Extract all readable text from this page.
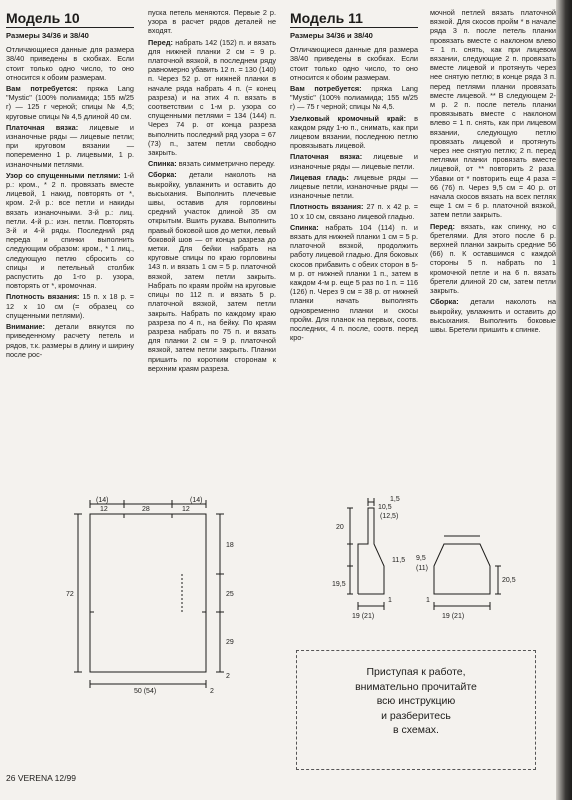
Модель 10
Размеры 34/36 и 38/40

Отличающиеся данные для размера 38/40 приведены в скобках. Если стоит только одно число, то оно относится к обоим размерам.

Вам потребуется: пряжа Lang "Mystic" (100% полиамида; 155 м/25 г) — 125 г черной; спицы № 4,5; круговые спицы № 4,5 длиной 40 см.

Платочная вязка: лицевые и изнаночные ряды — лицевые петли; при круговом вязании — попеременно 1 р. лицевыми, 1 р. изнаночными петлями.

Узор со спущенными петлями: 1-й р.: кром., * 2 п. провязать вместе лицевой, 1 накид, повторять от *, кром. 2-й р.: все петли и накиды вязать изнаночными. 3-й р.: лиц. петли. 4-й р.: изн. петли. Повторять 3-й и 4-й ряды. Последний ряд переда и спинки выполнить следующим образом: кром., * 1 лиц., следующую петлю сбросить со спицы и петельный столбик распустить до 1-го р. узора, повторять от *, кромочная.

Плотность вязания: 15 п. x 18 р. = 12 x 10 см (= образец со спущенными петлями).

Внимание: детали вяжутся по приведенному расчету петель и рядов, т.к. размеры в длину и ширину после рос-

пуска петель меняются. Первые 2 р. узора в расчет рядов деталей не входят.

Перед: набрать 142 (152) п. и вязать для нижней планки 2 см = 9 р. платочной вязкой, в последнем ряду равномерно убавить 12 п. = 130 (140) п. Через 52 р. от нижней планки в начале ряда набрать 4 п. (= конец разреза) и на этих 4 п. вязать в соответствии с 1-м р. узора со спущенными петлями = 134 (144) п. Через 74 р. от конца разреза выполнить последний ряд узора = 67 (73) п., затем петли свободно закрыть.

Спинка: вязать симметрично переду.

Сборка: детали наколоть на выкройку, увлажнить и оставить до высыхания. Выполнить плечевые швы, оставив для горловины средний участок длиной 35 см открытым. Вшить рукава. Выполнить правый боковой шов до метки, левый боковой шов — от конца разреза до метки. Для бейки набрать на круговые спицы по краю горловины 143 п. и вязать 1 см = 5 р. платочной вязкой, затем петли закрыть. Набрать по краям пройм на круговые спицы по 112 п. и вязать 5 р. платочной вязкой, затем петли закрыть. Набрать по каждому краю разреза по 4 п., на бейку. По краям разреза набрать по 75 п. и вязать для планки 2 см = 9 р. платочной вязкой, затем петли закрыть. Планки пришить по коротким сторонам к верхним краям разреза.

Модель 11
Размеры 34/36 и 38/40

Отличающиеся данные для размера 38/40 приведены в скобках. Если стоит только одно число, то оно относится к обоим размерам.

Вам потребуется: пряжа Lang "Mystic" (100% полиамида; 155 м/25 г) — 75 г черной; спицы № 4,5.

Узелковый кромочный край: в каждом ряду 1-ю п., снимать, как при лицевом вязании, последнюю петлю провязывать лицевой.

Платочная вязка: лицевые и изнаночные ряды — лицевые петли.

Лицевая гладь: лицевые ряды — лицевые петли, изнаночные ряды — изнаночные петли.

Плотность вязания: 27 п. x 42 р. = 10 x 10 см, связано лицевой гладью.

Спинка: набрать 104 (114) п. и вязать для нижней планки 1 см = 5 р. платочной вязкой, продолжить работу лицевой гладью. Для боковых скосов прибавить с обеих сторон в 5-м р. от нижней планки 1 п., затем в каждом 4-м р. еще 5 раз по 1 п. = 116 (126) п. Через 9 см = 38 р. от нижней планки начать выполнять одновременно планки и скосы пройм. Для планок на первых, соотв. последних, 4 п. после, соотв. перед кро-

мочной петлей вязать платочной вязкой. Для скосов пройм * в начале ряда 3 п. после петель планки провязать вместе с наклоном влево = 1 п. снять, как при лицевом вязании, следующие 2 п. провязать вместе лицевой и протянуть через нее снятую петлю; в конце ряда 3 п. перед петлями планки провязать вместе лицевой. ** В следующем 2-м р. 2 п. после петель планки провязывать вместе с наклоном влево = 1 п. снять, как при лицевом вязании, следующую петлю провязать лицевой и протянуть через нее снятую петлю; 2 п. перед петлями планки провязать вместе лицевой, от ** повторить 2 раза. Убавки от * повторить еще 4 раза = 66 (76) п. Через 9,5 см = 40 р. от начала скосов вязать на всех петлях еще 1 см = 6 р. платочной вязкой, затем петли закрыть.

Перед: вязать, как спинку, но с бретелями. Для этого после 6 р. верхней планки закрыть средние 56 (66) п. К оставшимся с каждой стороны 5 п. набрать по 1 кромочной петле и на 6 п. вязать бретели длиной 20 см, затем петли закрыть.

Сборка: детали наколоть на выкройку, увлажнить и оставить до высыхания. Выполнить боковые швы. Бретели пришить к спинке.

(14)
12	28	12
(14)
72
18
25
29
2
50 (54)	2
1,5
10,5
(12,5)
20
19,5
11,5 9,5
(11)
20,5
19 (21)	19 (21)
1	1
Приступая к работе,
внимательно прочитайте
всю инструкцию
и разберитесь
в схемах.
26 VERENA 12/99
